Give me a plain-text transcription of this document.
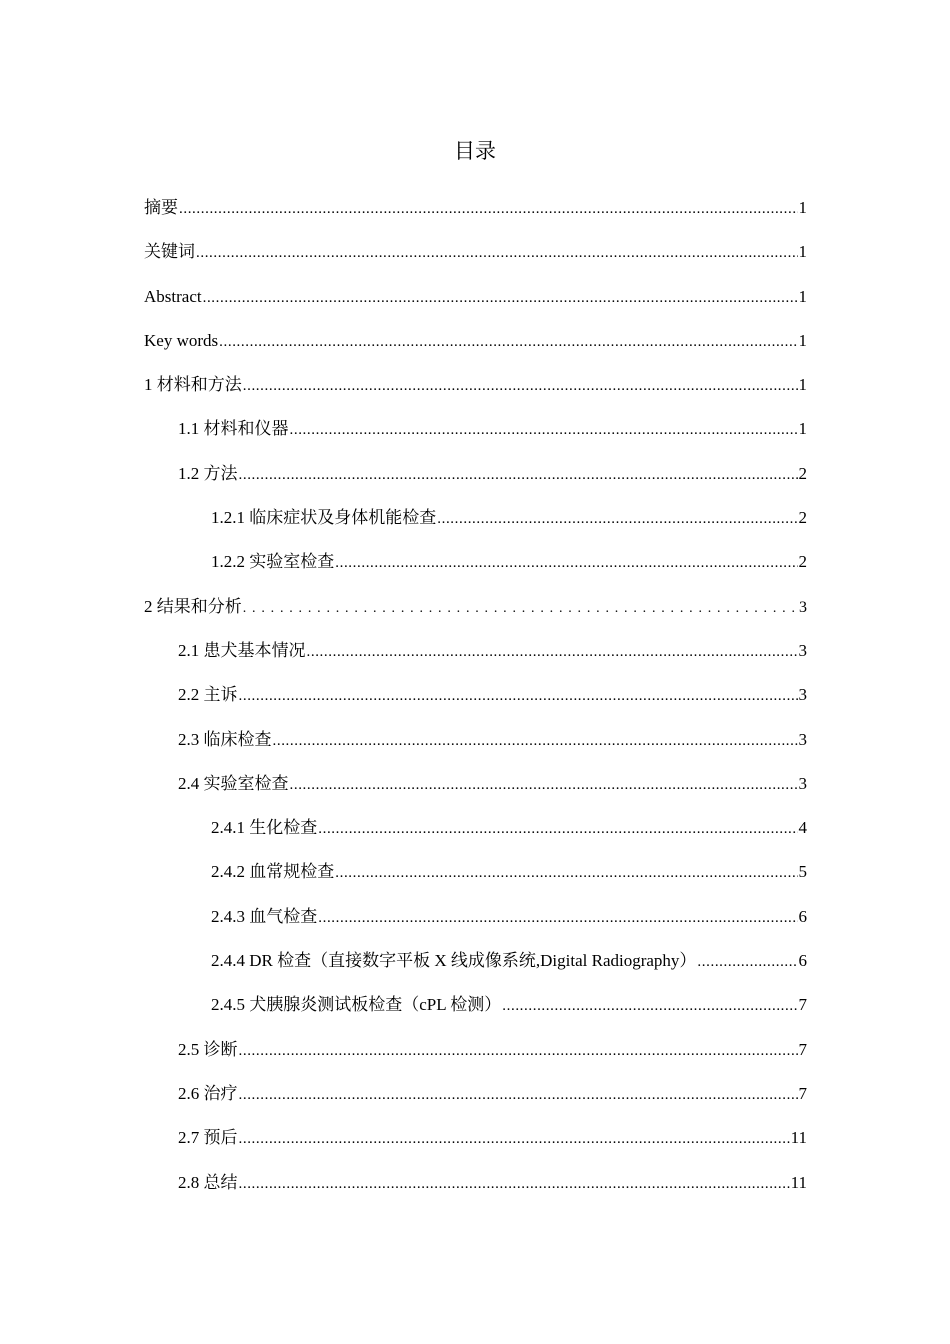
目录
摘要 .....	1
关键词 .....	1
Abstract .....	1
Key words .....	1
1 材料和方法 .....	1
1.1 材料和仪器 .....	1
1.2 方法 .....	2
1.2.1 临床症状及身体机能检查 .....	2
1.2.2 实验室检查 .....	2
2 结果和分析 .....	3
2.1 患犬基本情况 .....	3
2.2 主诉 .....	3
2.3 临床检查 .....	3
2.4 实验室检查 .....	3
2.4.1 生化检查 .....	4
2.4.2 血常规检查 .....	5
2.4.3 血气检查 .....	6
2.4.4 DR 检查（直接数字平板 X 线成像系统,Digital Radiography） .....	6
2.4.5 犬胰腺炎测试板检查（cPL 检测） .....	7
2.5 诊断 .....	7
2.6 治疗 .....	7
2.7 预后 .....	11
2.8 总结 .....	11
